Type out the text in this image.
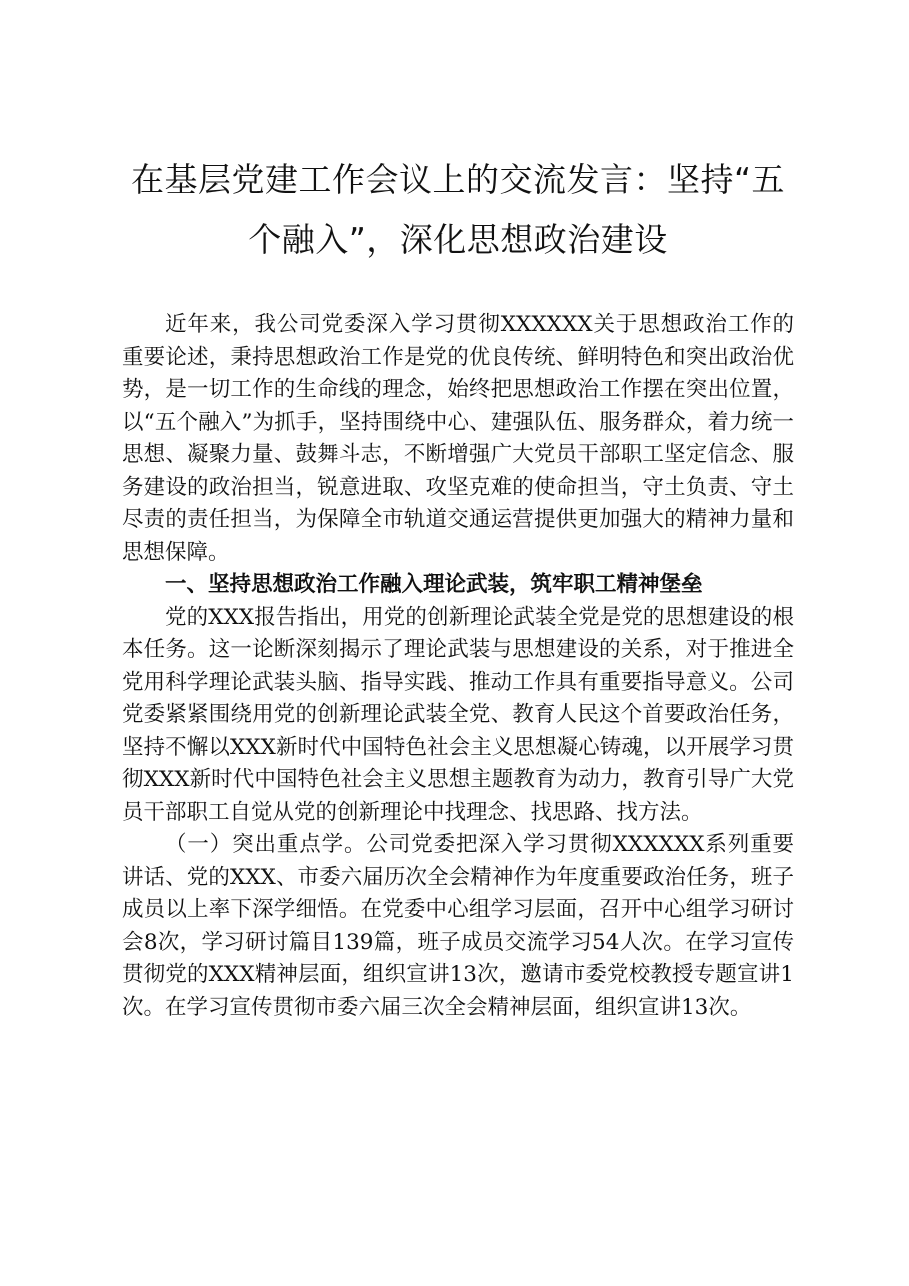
在基层党建工作会议上的交流发言：坚持“五
个融入”，深化思想政治建设

近年来，我公司党委深入学习贯彻XXXXXX关于思想政治工作的重要论述，秉持思想政治工作是党的优良传统、鲜明特色和突出政治优势，是一切工作的生命线的理念，始终把思想政治工作摆在突出位置，以“五个融入”为抓手，坚持围绕中心、建强队伍、服务群众，着力统一思想、凝聚力量、鼓舞斗志，不断增强广大党员干部职工坚定信念、服务建设的政治担当，锐意进取、攻坚克难的使命担当，守土负责、守土尽责的责任担当，为保障全市轨道交通运营提供更加强大的精神力量和思想保障。

一、坚持思想政治工作融入理论武装，筑牢职工精神堡垒

党的XXX报告指出，用党的创新理论武装全党是党的思想建设的根本任务。这一论断深刻揭示了理论武装与思想建设的关系，对于推进全党用科学理论武装头脑、指导实践、推动工作具有重要指导意义。公司党委紧紧围绕用党的创新理论武装全党、教育人民这个首要政治任务，坚持不懈以XXX新时代中国特色社会主义思想凝心铸魂，以开展学习贯彻XXX新时代中国特色社会主义思想主题教育为动力，教育引导广大党员干部职工自觉从党的创新理论中找理念、找思路、找方法。

（一）突出重点学。公司党委把深入学习贯彻XXXXXX系列重要讲话、党的XXX、市委六届历次全会精神作为年度重要政治任务，班子成员以上率下深学细悟。在党委中心组学习层面，召开中心组学习研讨会8次，学习研讨篇目139篇，班子成员交流学习54人次。在学习宣传贯彻党的XXX精神层面，组织宣讲13次，邀请市委党校教授专题宣讲1次。在学习宣传贯彻市委六届三次全会精神层面，组织宣讲13次。
